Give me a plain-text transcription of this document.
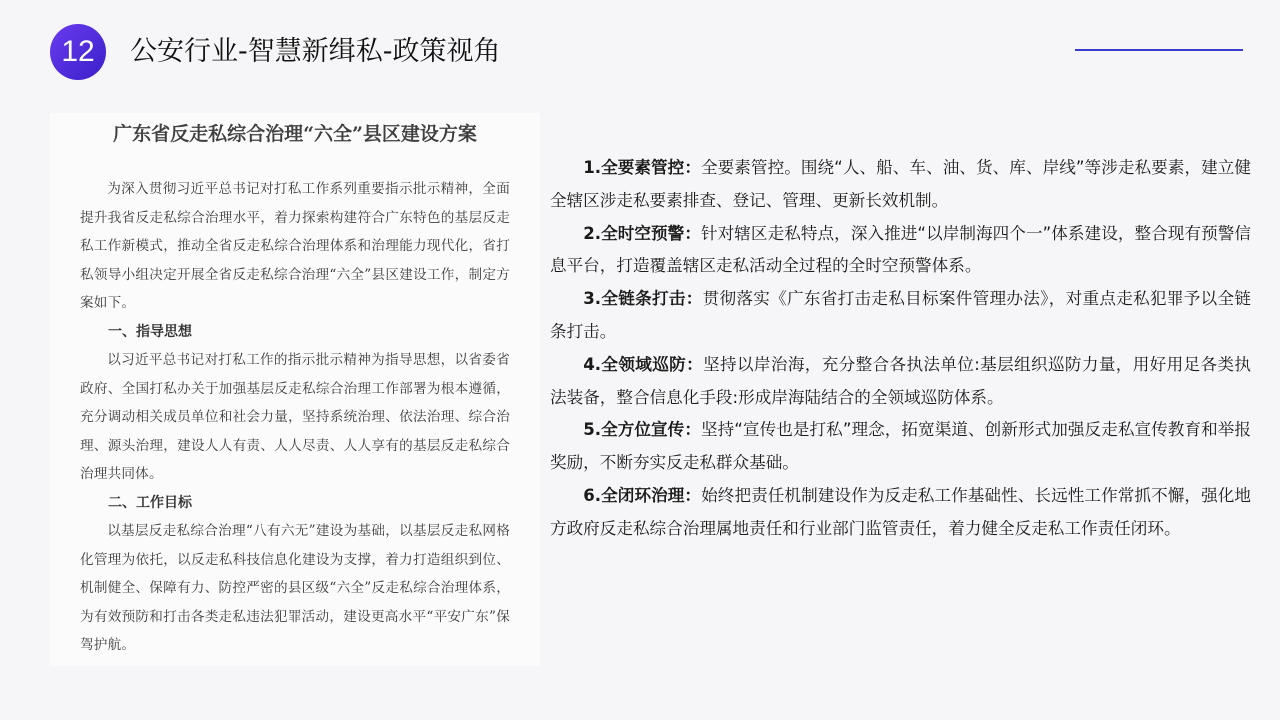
12	公安行业-智慧新缉私-政策视角
广东省反走私综合治理“六全”县区建设方案

为深入贯彻习近平总书记对打私工作系列重要指示批示精神，全面提升我省反走私综合治理水平，着力探索构建符合广东特色的基层反走私工作新模式，推动全省反走私综合治理体系和治理能力现代化，省打私领导小组决定开展全省反走私综合治理“六全”县区建设工作，制定方案如下。

一、指导思想

以习近平总书记对打私工作的指示批示精神为指导思想，以省委省政府、全国打私办关于加强基层反走私综合治理工作部署为根本遵循，充分调动相关成员单位和社会力量，坚持系统治理、依法治理、综合治理、源头治理，建设人人有责、人人尽责、人人享有的基层反走私综合治理共同体。

二、工作目标

以基层反走私综合治理“八有六无”建设为基础，以基层反走私网格化管理为依托，以反走私科技信息化建设为支撑，着力打造组织到位、机制健全、保障有力、防控严密的县区级“六全”反走私综合治理体系，为有效预防和打击各类走私违法犯罪活动，建设更高水平“平安广东”保驾护航。

1.全要素管控：全要素管控。围绕“人、船、车、油、货、库、岸线”等涉走私要素，建立健全辖区涉走私要素排查、登记、管理、更新长效机制。

2.全时空预警：针对辖区走私特点，深入推进“以岸制海四个一”体系建设，整合现有预警信息平台，打造覆盖辖区走私活动全过程的全时空预警体系。

3.全链条打击：贯彻落实《广东省打击走私目标案件管理办法》，对重点走私犯罪予以全链条打击。

4.全领域巡防：坚持以岸治海，充分整合各执法单位:基层组织巡防力量，用好用足各类执法装备，整合信息化手段:形成岸海陆结合的全领域巡防体系。

5.全方位宣传：坚持“宣传也是打私”理念，拓宽渠道、创新形式加强反走私宣传教育和举报奖励，不断夯实反走私群众基础。

6.全闭环治理：始终把责任机制建设作为反走私工作基础性、长远性工作常抓不懈，强化地方政府反走私综合治理属地责任和行业部门监管责任，着力健全反走私工作责任闭环。
